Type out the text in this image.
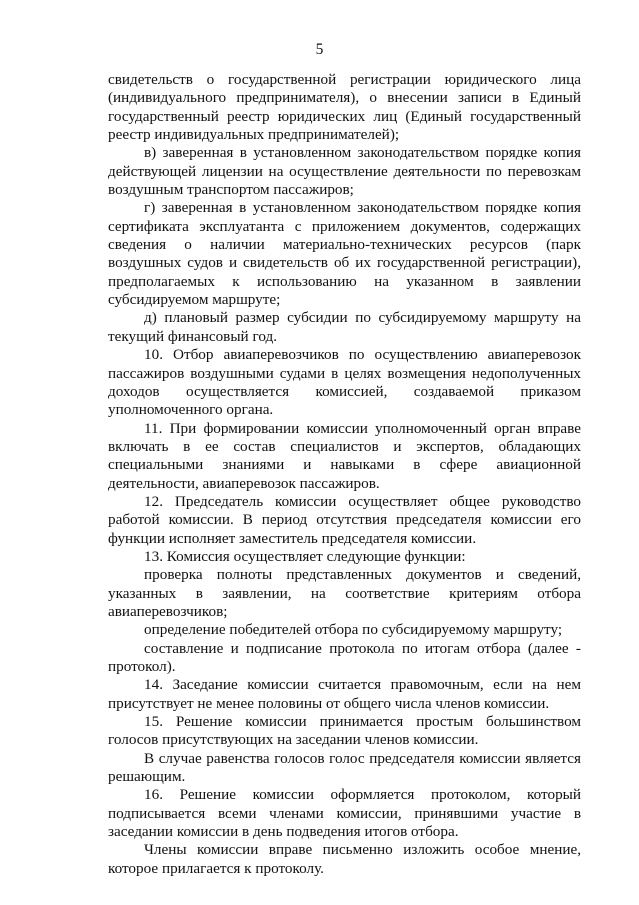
5

свидетельств о государственной регистрации юридического лица (индивидуального предпринимателя), о внесении записи в Единый государственный реестр юридических лиц (Единый государственный реестр индивидуальных предпринимателей);

в) заверенная в установленном законодательством порядке копия действующей лицензии на осуществление деятельности по перевозкам воздушным транспортом пассажиров;

г) заверенная в установленном законодательством порядке копия сертификата эксплуатанта с приложением документов, содержащих сведения о наличии материально-технических ресурсов (парк воздушных судов и свидетельств об их государственной регистрации), предполагаемых к использованию на указанном в заявлении субсидируемом маршруте;

д) плановый размер субсидии по субсидируемому маршруту на текущий финансовый год.

10. Отбор авиаперевозчиков по осуществлению авиаперевозок пассажиров воздушными судами в целях возмещения недополученных доходов осуществляется комиссией, создаваемой приказом уполномоченного органа.

11. При формировании комиссии уполномоченный орган вправе включать в ее состав специалистов и экспертов, обладающих специальными знаниями и навыками в сфере авиационной деятельности, авиаперевозок пассажиров.

12. Председатель комиссии осуществляет общее руководство работой комиссии. В период отсутствия председателя комиссии его функции исполняет заместитель председателя комиссии.

13. Комиссия осуществляет следующие функции:

проверка полноты представленных документов и сведений, указанных в заявлении, на соответствие критериям отбора авиаперевозчиков;

определение победителей отбора по субсидируемому маршруту;

составление и подписание протокола по итогам отбора (далее - протокол).

14. Заседание комиссии считается правомочным, если на нем присутствует не менее половины от общего числа членов комиссии.

15. Решение комиссии принимается простым большинством голосов присутствующих на заседании членов комиссии.

В случае равенства голосов голос председателя комиссии является решающим.

16. Решение комиссии оформляется протоколом, который подписывается всеми членами комиссии, принявшими участие в заседании комиссии в день подведения итогов отбора.

Члены комиссии вправе письменно изложить особое мнение, которое прилагается к протоколу.
